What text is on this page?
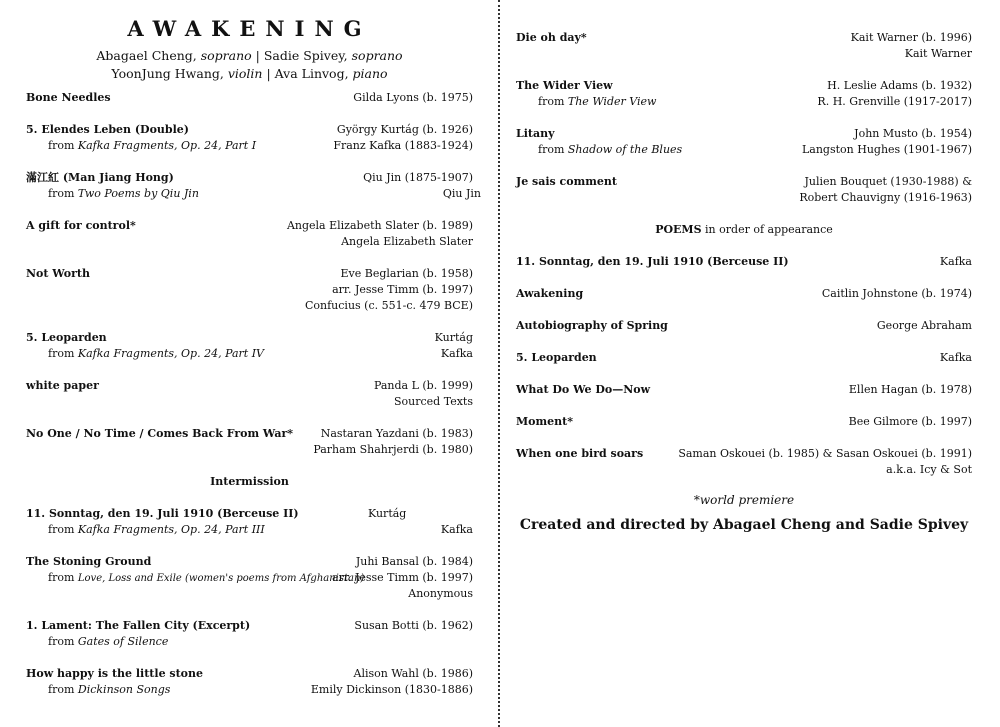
AWAKENING
Abagael Cheng, soprano | Sadie Spivey, soprano
YoonJung Hwang, violin | Ava Linvog, piano
Bone Needles	Gilda Lyons (b. 1975)
5. Elendes Leben (Double)	György Kurtág (b. 1926)
from Kafka Fragments, Op. 24, Part I	Franz Kafka (1883-1924)
滿江紅 (Man Jiang Hong)	Qiu Jin (1875-1907)
from Two Poems by Qiu Jin	Qiu Jin
A gift for control*	Angela Elizabeth Slater (b. 1989)
Angela Elizabeth Slater
Not Worth	Eve Beglarian (b. 1958)
arr. Jesse Timm (b. 1997)
Confucius (c. 551-c. 479 BCE)
5. Leoparden	Kurtág
from Kafka Fragments, Op. 24, Part IV	Kafka
white paper	Panda L (b. 1999)
Sourced Texts
No One / No Time / Comes Back From War*	Nastaran Yazdani (b. 1983)
Parham Shahrjerdi (b. 1980)
Intermission
11. Sonntag, den 19. Juli 1910 (Berceuse II)	Kurtág
from Kafka Fragments, Op. 24, Part III	Kafka
The Stoning Ground	Juhi Bansal (b. 1984)
from Love, Loss and Exile (women's poems from Afghanistan)
arr. Jesse Timm (b. 1997)
Anonymous
1. Lament: The Fallen City (Excerpt)	Susan Botti (b. 1962)
from Gates of Silence
How happy is the little stone	Alison Wahl (b. 1986)
from Dickinson Songs	Emily Dickinson (1830-1886)
Die oh day*	Kait Warner (b. 1996)
Kait Warner
The Wider View	H. Leslie Adams (b. 1932)
from The Wider View	R. H. Grenville (1917-2017)
Litany	John Musto (b. 1954)
from Shadow of the Blues	Langston Hughes (1901-1967)
Je sais comment	Julien Bouquet (1930-1988) &
Robert Chauvigny (1916-1963)
POEMS in order of appearance
11. Sonntag, den 19. Juli 1910 (Berceuse II)	Kafka
Awakening	Caitlin Johnstone (b. 1974)
Autobiography of Spring	George Abraham
5. Leoparden	Kafka
What Do We Do—Now	Ellen Hagan (b. 1978)
Moment*	Bee Gilmore (b. 1997)
When one bird soars	Saman Oskouei (b. 1985) & Sasan Oskouei (b. 1991)
a.k.a. Icy & Sot
*world premiere
Created and directed by Abagael Cheng and Sadie Spivey
